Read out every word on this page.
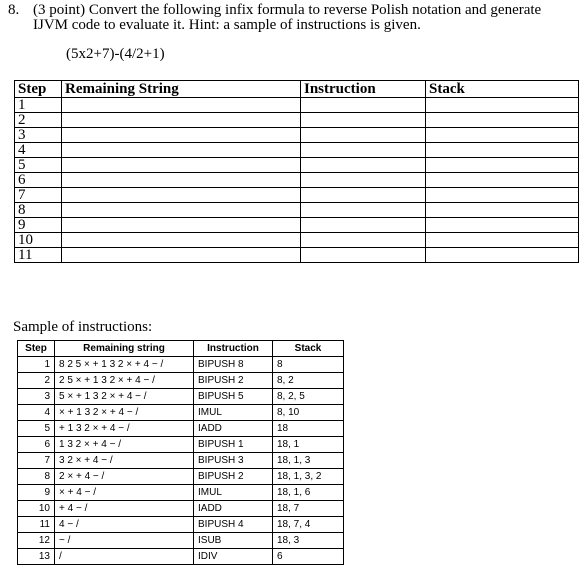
8. (3 point) Convert the following infix formula to reverse Polish notation and generate IJVM code to evaluate it. Hint: a sample of instructions is given.
(5x2+7)-(4/2+1)
Step	Remaining String	Instruction	Stack
1			
2			
3			
4			
5			
6			
7			
8			
9			
10			
11			
Sample of instructions:
Step	Remaining string	Instruction	Stack
1	8 2 5 × + 1 3 2 × + 4 − /	BIPUSH 8	8
2	2 5 × + 1 3 2 × + 4 − /	BIPUSH 2	8, 2
3	5 × + 1 3 2 × + 4 − /	BIPUSH 5	8, 2, 5
4	× + 1 3 2 × + 4 − /	IMUL	8, 10
5	+ 1 3 2 × + 4 − /	IADD	18
6	1 3 2 × + 4 − /	BIPUSH 1	18, 1
7	3 2 × + 4 − /	BIPUSH 3	18, 1, 3
8	2 × + 4 − /	BIPUSH 2	18, 1, 3, 2
9	× + 4 − /	IMUL	18, 1, 6
10	+ 4 − /	IADD	18, 7
11	4 − /	BIPUSH 4	18, 7, 4
12	− /	ISUB	18, 3
13	/	IDIV	6
